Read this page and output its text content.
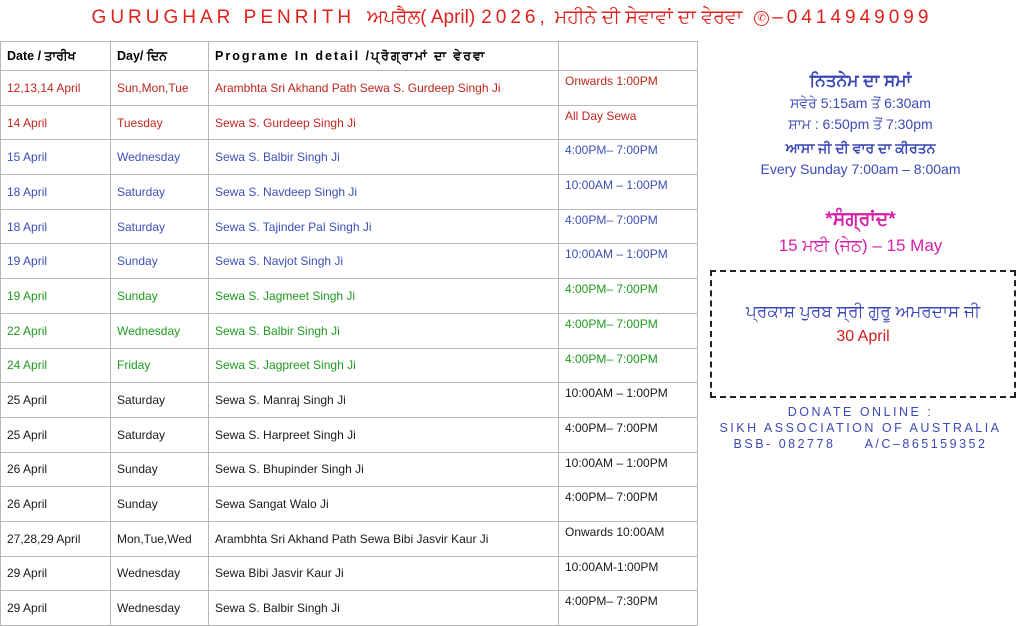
GURUGHAR PENRITH ਅਪਰੈਲ ( April) 2026, ਮਹੀਨੇ ਦੀ ਸੇਵਾਵਾਂ ਦਾ ਵੇਰਵਾ	✆ –0414949099
Date / ਤਾਰੀਖ	Day/ ਦਿਨ	Programe In detail /ਪ੍ਰੋਗ੍ਰਾਮਾਂ ਦਾ ਵੇਰਵਾ	
12,13,14 April	Sun,Mon,Tue	Arambhta Sri Akhand Path Sewa S. Gurdeep Singh Ji	Onwards 1:00PM
14 April	Tuesday	Sewa S. Gurdeep Singh Ji	All Day Sewa
15 April	Wednesday	Sewa S. Balbir Singh Ji	4:00PM– 7:00PM
18 April	Saturday	Sewa S. Navdeep Singh Ji	10:00AM – 1:00PM
18 April	Saturday	Sewa S. Tajinder Pal Singh Ji	4:00PM– 7:00PM
19 April	Sunday	Sewa S. Navjot Singh Ji	10:00AM – 1:00PM
19 April	Sunday	Sewa S. Jagmeet Singh Ji	4:00PM– 7:00PM
22 April	Wednesday	Sewa S. Balbir Singh Ji	4:00PM– 7:00PM
24 April	Friday	Sewa S. Jagpreet Singh Ji	4:00PM– 7:00PM
25 April	Saturday	Sewa S. Manraj Singh Ji	10:00AM – 1:00PM
25 April	Saturday	Sewa S. Harpreet Singh Ji	4:00PM– 7:00PM
26 April	Sunday	Sewa S. Bhupinder Singh Ji	10:00AM – 1:00PM
26 April	Sunday	Sewa Sangat Walo Ji	4:00PM– 7:00PM
27,28,29 April	Mon,Tue,Wed	Arambhta Sri Akhand Path Sewa Bibi Jasvir Kaur Ji	Onwards 10:00AM
29 April	Wednesday	Sewa Bibi Jasvir Kaur Ji	10:00AM-1:00PM
29 April	Wednesday	Sewa S. Balbir Singh Ji	4:00PM– 7:30PM
ਨਿਤਨੇਮ ਦਾ ਸਮਾਂ
ਸਵੇਰੇ 5:15am ਤੋਂ 6:30am
ਸ਼ਾਮ : 6:50pm ਤੋਂ 7:30pm
ਆਸਾ ਜੀ ਦੀ ਵਾਰ ਦਾ ਕੀਰਤਨ
Every Sunday 7:00am – 8:00am
*ਸੰਗ੍ਰਾਂਦ*
15 ਮਈ (ਜੇਠ) – 15 May
ਪ੍ਰਕਾਸ਼ ਪੁਰਬ ਸ੍ਰੀ ਗੁਰੂ ਅਮਰਦਾਸ ਜੀ
30 April
DONATE ONLINE :
SIKH ASSOCIATION OF AUSTRALIA
BSB- 082778     A/C–865159352
